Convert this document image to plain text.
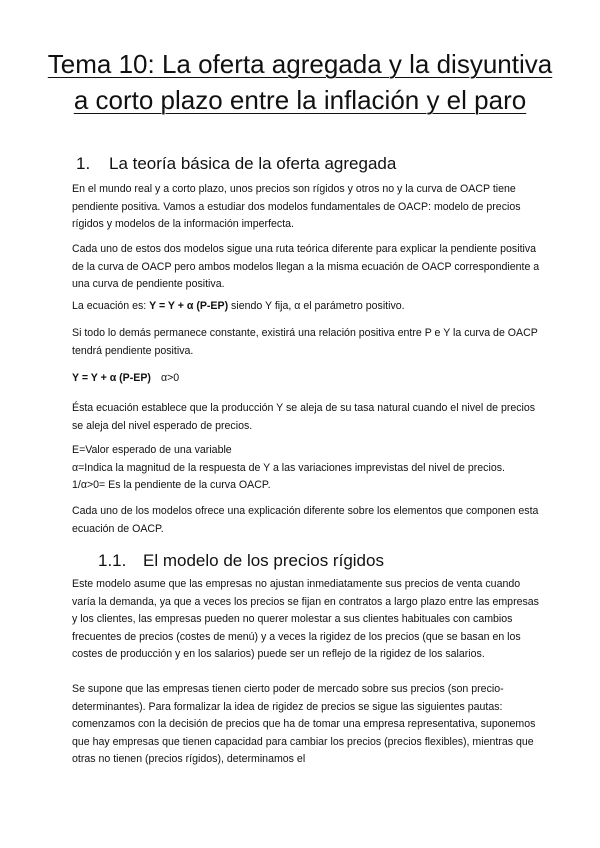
Tema 10: La oferta agregada y la disyuntiva
a corto plazo entre la inflación y el paro
1. La teoría básica de la oferta agregada

En el mundo real y a corto plazo, unos precios son rígidos y otros no y la curva de OACP tiene pendiente positiva. Vamos a estudiar dos modelos fundamentales de OACP: modelo de precios rígidos y modelos de la información imperfecta.

Cada uno de estos dos modelos sigue una ruta teórica diferente para explicar la pendiente positiva de la curva de OACP pero ambos modelos llegan a la misma ecuación de OACP correspondiente a una curva de pendiente positiva.

La ecuación es: Y = Y + α (P-EP) siendo Y fija, α el parámetro positivo.

Si todo lo demás permanece constante, existirá una relación positiva entre P e Y la curva de OACP tendrá pendiente positiva.

Y = Y + α (P-EP) α>0

Ésta ecuación establece que la producción Y se aleja de su tasa natural cuando el nivel de precios se aleja del nivel esperado de precios.

E=Valor esperado de una variable
α=Indica la magnitud de la respuesta de Y a las variaciones imprevistas del nivel de precios.
1/α>0= Es la pendiente de la curva OACP.

Cada uno de los modelos ofrece una explicación diferente sobre los elementos que componen esta ecuación de OACP.

1.1. El modelo de los precios rígidos

Este modelo asume que las empresas no ajustan inmediatamente sus precios de venta cuando varía la demanda, ya que a veces los precios se fijan en contratos a largo plazo entre las empresas y los clientes, las empresas pueden no querer molestar a sus clientes habituales con cambios frecuentes de precios (costes de menú) y a veces la rigidez de los precios (que se basan en los costes de producción y en los salarios) puede ser un reflejo de la rigidez de los salarios.

Se supone que las empresas tienen cierto poder de mercado sobre sus precios (son precio-determinantes). Para formalizar la idea de rigidez de precios se sigue las siguientes pautas: comenzamos con la decisión de precios que ha de tomar una empresa representativa, suponemos que hay empresas que tienen capacidad para cambiar los precios (precios flexibles), mientras que otras no tienen (precios rígidos), determinamos el
